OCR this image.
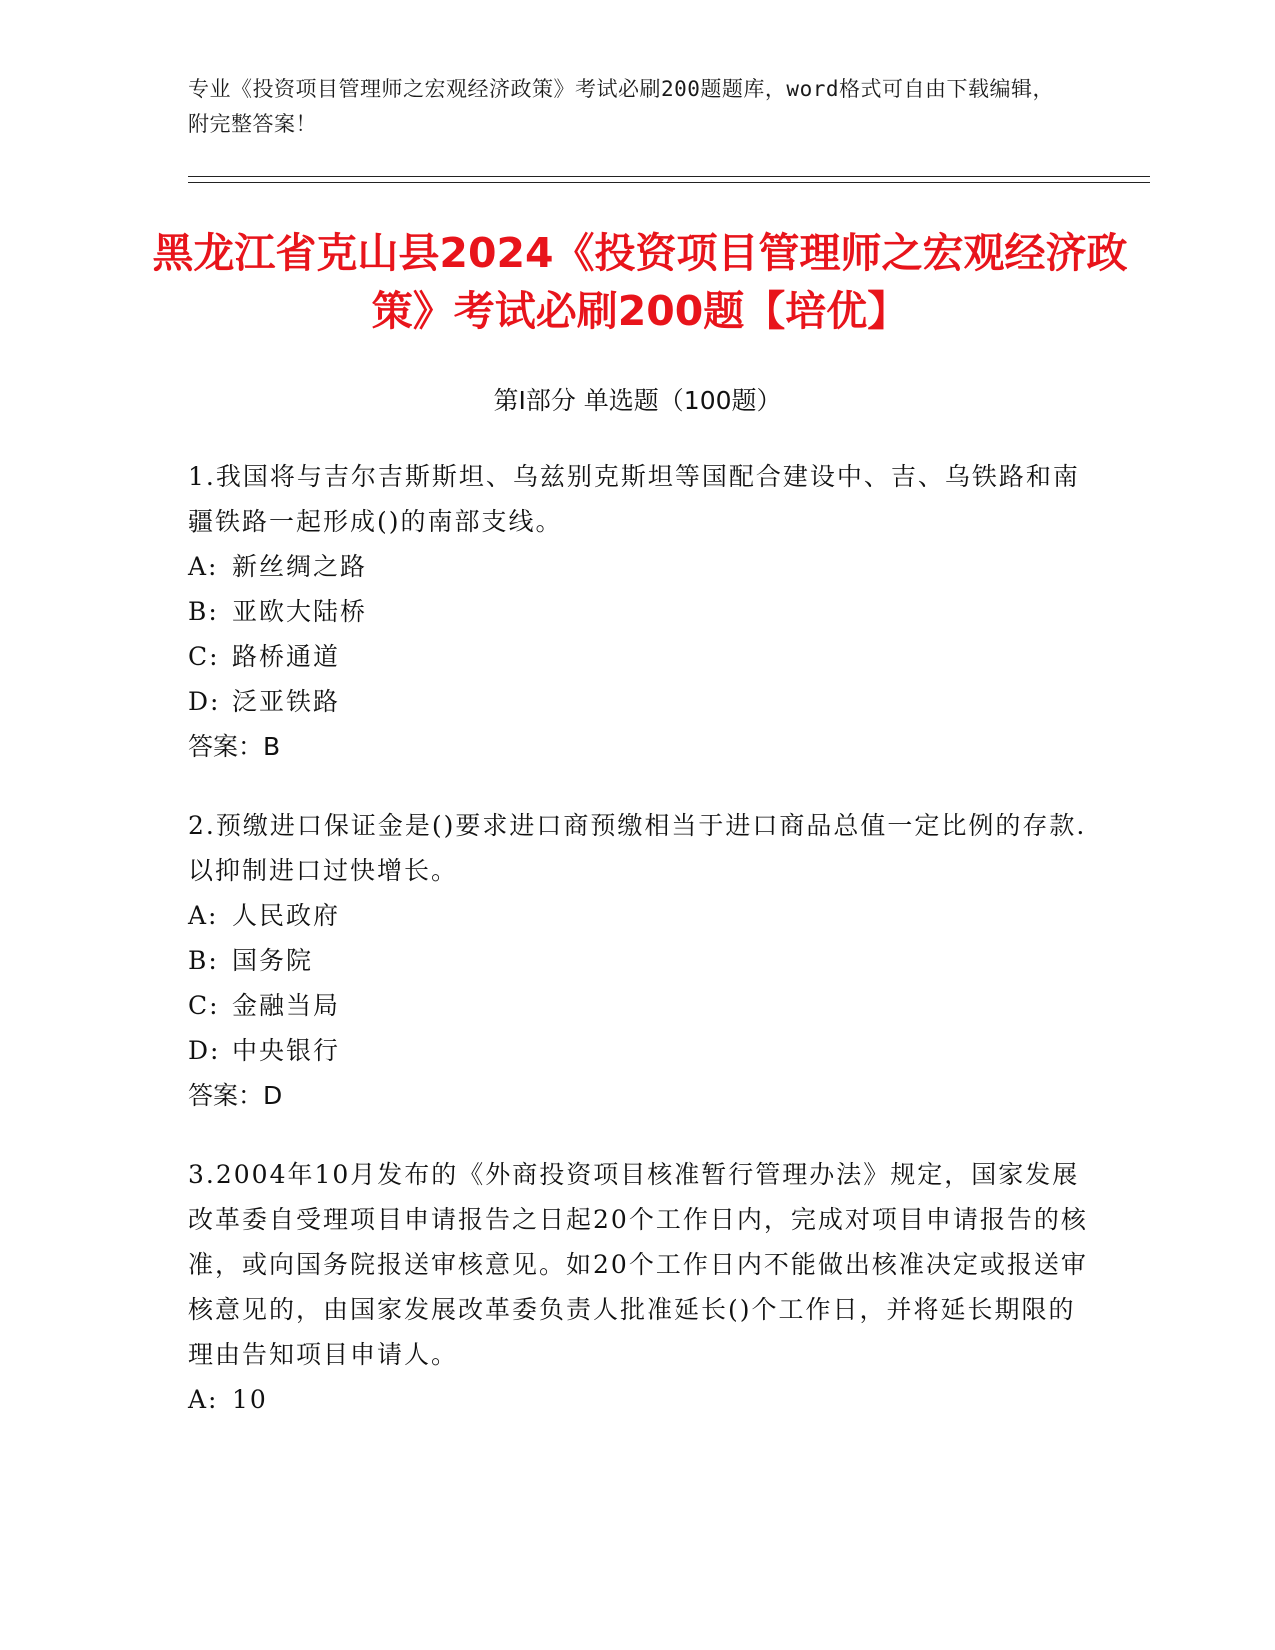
专业《投资项目管理师之宏观经济政策》考试必刷200题题库，word格式可自由下载编辑，附完整答案！
黑龙江省克山县2024《投资项目管理师之宏观经济政策》考试必刷200题【培优】
第Ⅰ部分 单选题（100题）

1.我国将与吉尔吉斯斯坦、乌兹别克斯坦等国配合建设中、吉、乌铁路和南疆铁路一起形成()的南部支线。

A: 新丝绸之路

B: 亚欧大陆桥

C: 路桥通道

D: 泛亚铁路

答案：B

2.预缴进口保证金是()要求进口商预缴相当于进口商品总值一定比例的存款.以抑制进口过快增长。

A: 人民政府

B: 国务院

C: 金融当局

D: 中央银行

答案：D

3.2004年10月发布的《外商投资项目核准暂行管理办法》规定，国家发展改革委自受理项目申请报告之日起20个工作日内，完成对项目申请报告的核准，或向国务院报送审核意见。如20个工作日内不能做出核准决定或报送审核意见的，由国家发展改革委负责人批准延长()个工作日，并将延长期限的理由告知项目申请人。

A: 10
